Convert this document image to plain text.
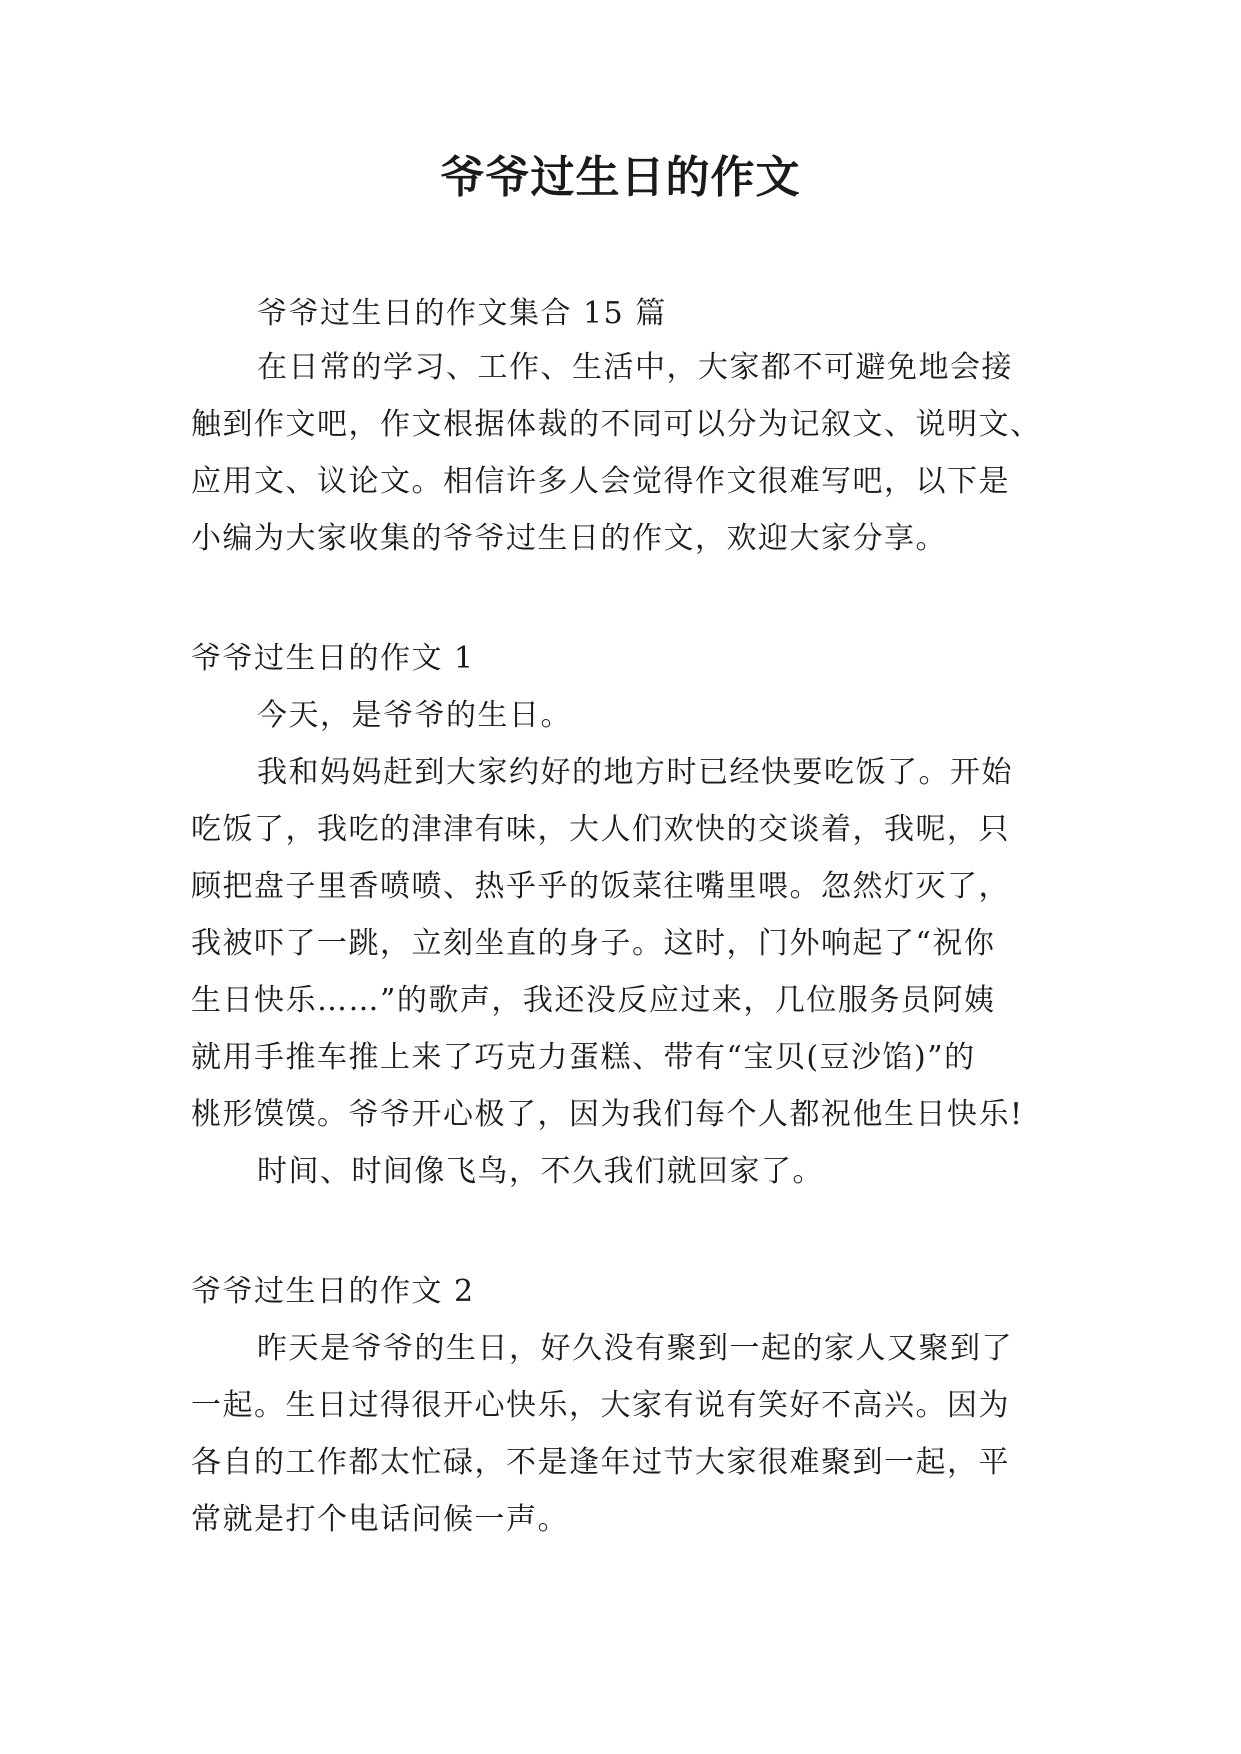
爷爷过生日的作文
爷爷过生日的作文集合 15 篇
在日常的学习、工作、生活中，大家都不可避免地会接
触到作文吧，作文根据体裁的不同可以分为记叙文、说明文、
应用文、议论文。相信许多人会觉得作文很难写吧，以下是
小编为大家收集的爷爷过生日的作文，欢迎大家分享。
爷爷过生日的作文 1
今天，是爷爷的生日。
我和妈妈赶到大家约好的地方时已经快要吃饭了。开始
吃饭了，我吃的津津有味，大人们欢快的交谈着，我呢，只
顾把盘子里香喷喷、热乎乎的饭菜往嘴里喂。忽然灯灭了，
我被吓了一跳，立刻坐直的身子。这时，门外响起了“祝你
生日快乐……”的歌声，我还没反应过来，几位服务员阿姨
就用手推车推上来了巧克力蛋糕、带有“宝贝(豆沙馅)”的
桃形馍馍。爷爷开心极了，因为我们每个人都祝他生日快乐!
时间、时间像飞鸟，不久我们就回家了。
爷爷过生日的作文 2
昨天是爷爷的生日，好久没有聚到一起的家人又聚到了
一起。生日过得很开心快乐，大家有说有笑好不高兴。因为
各自的工作都太忙碌，不是逢年过节大家很难聚到一起，平
常就是打个电话问候一声。
